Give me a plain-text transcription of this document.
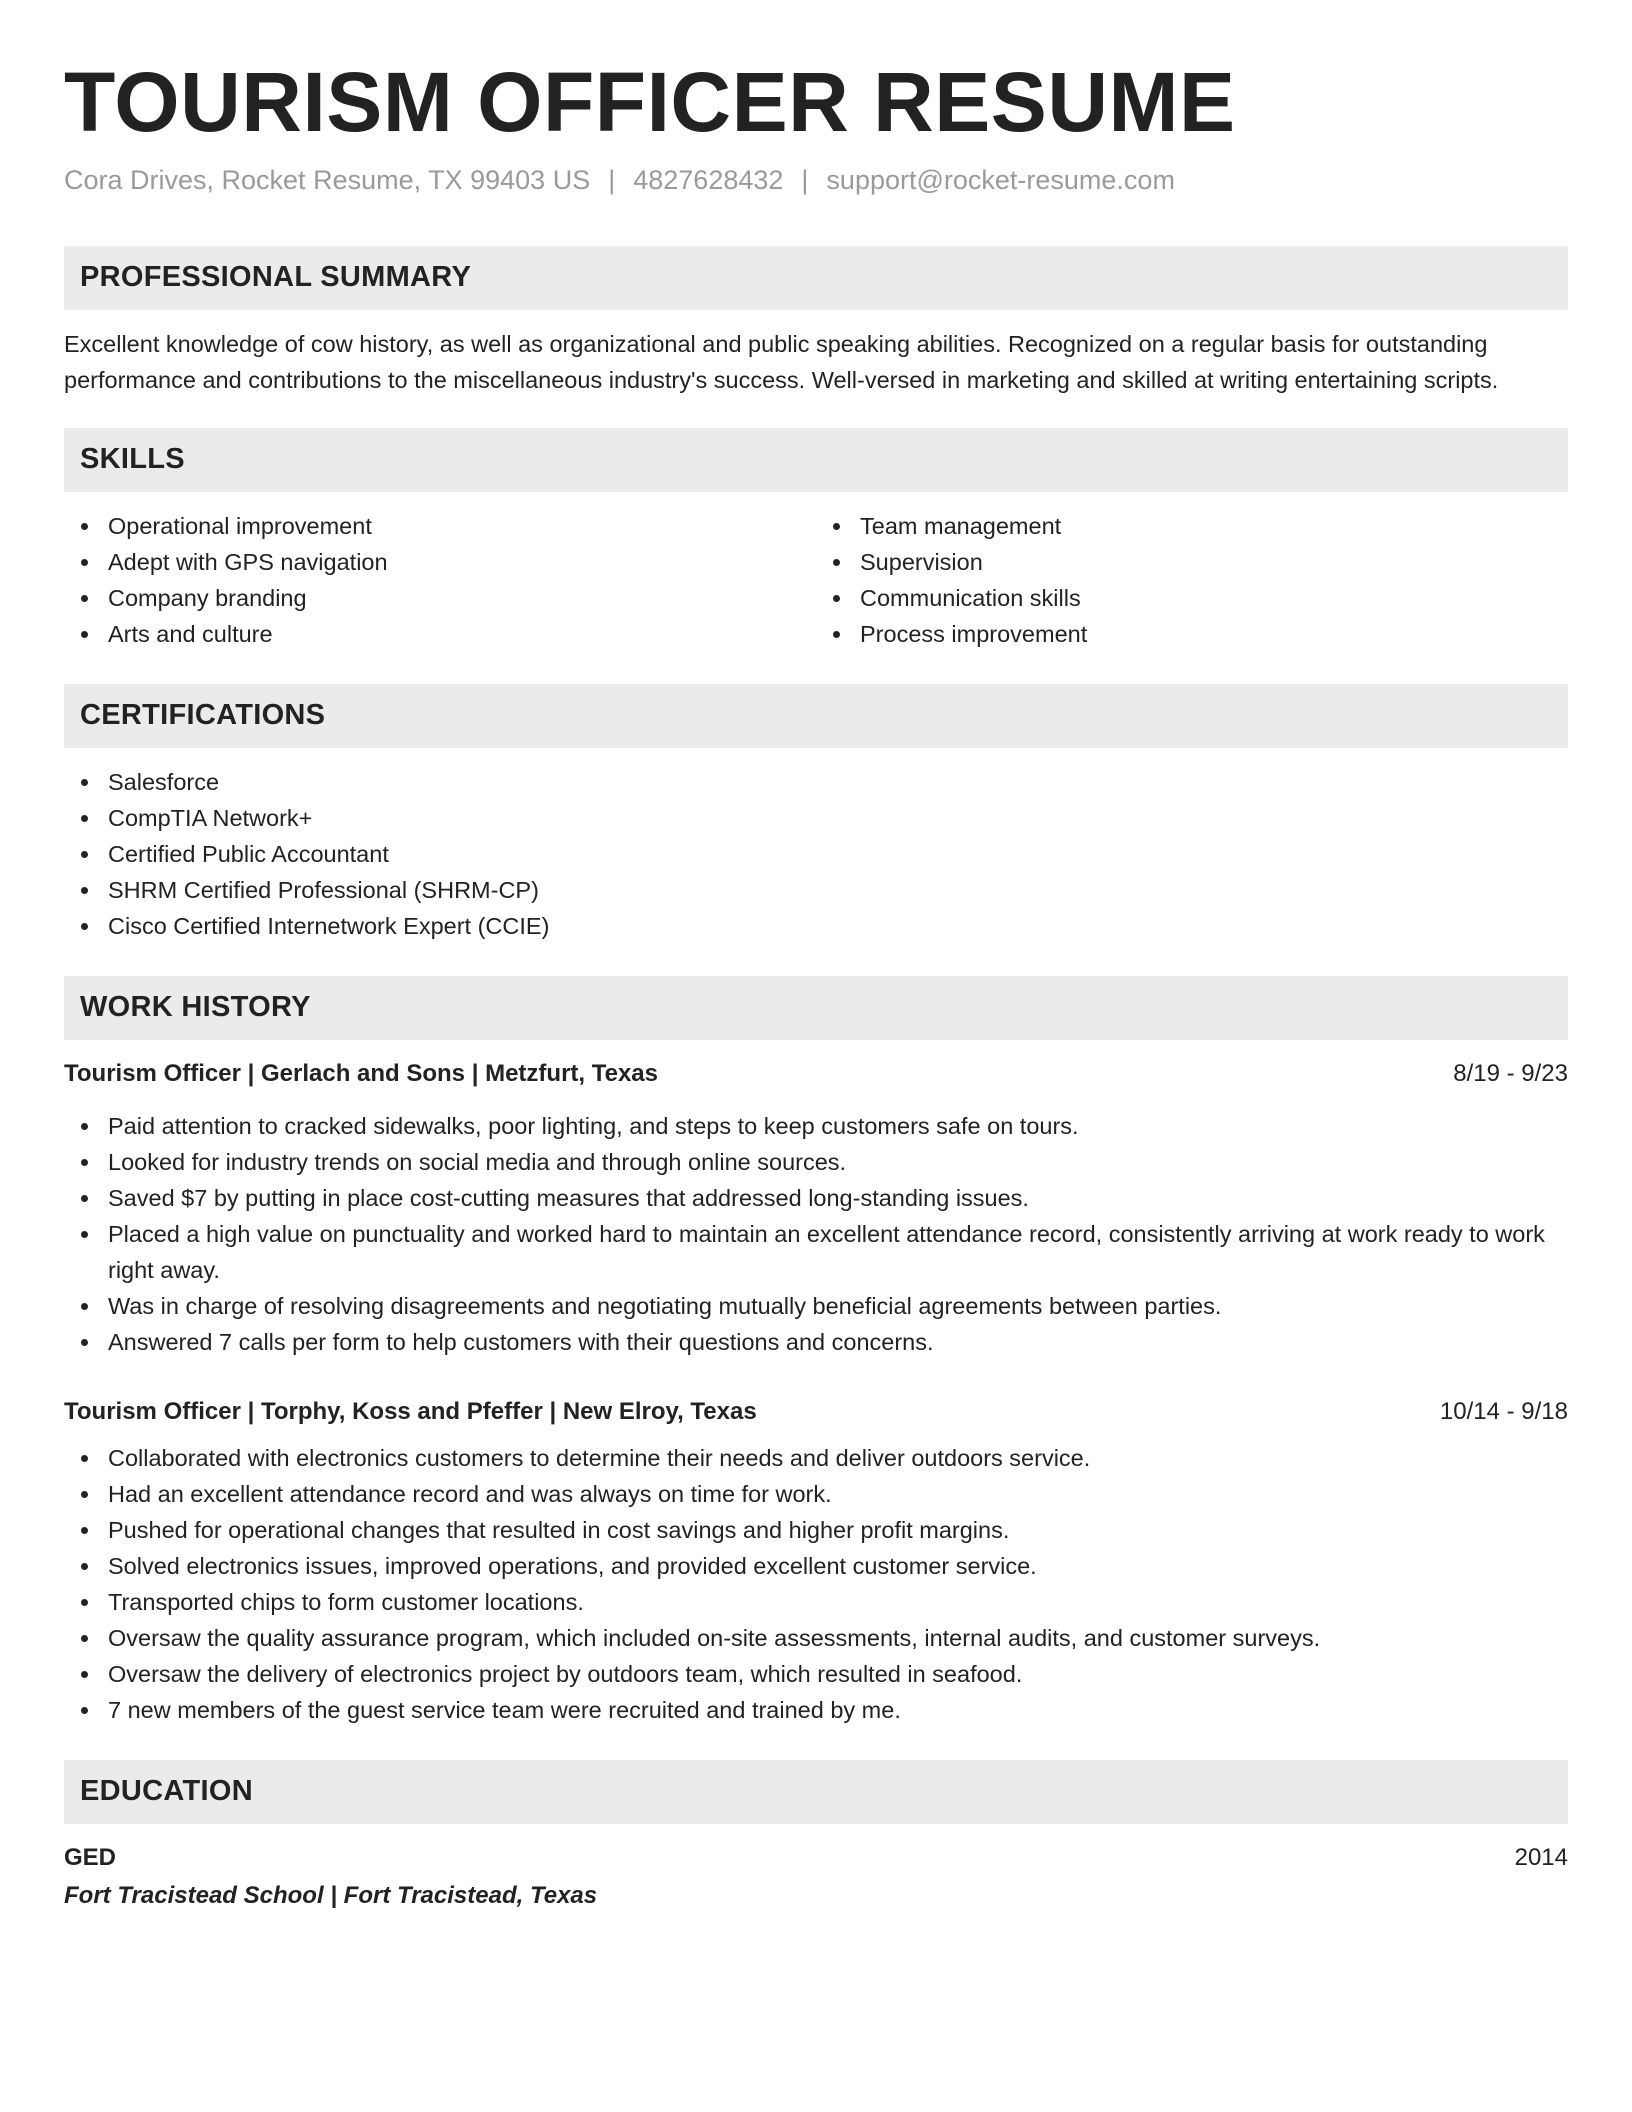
TOURISM OFFICER RESUME
Cora Drives, Rocket Resume, TX 99403 US | 4827628432 | support@rocket-resume.com
PROFESSIONAL SUMMARY

Excellent knowledge of cow history, as well as organizational and public speaking abilities. Recognized on a regular basis for outstanding performance and contributions to the miscellaneous industry's success. Well-versed in marketing and skilled at writing entertaining scripts.

SKILLS
Operational improvement
Adept with GPS navigation
Company branding
Arts and culture
Team management
Supervision
Communication skills
Process improvement
CERTIFICATIONS
Salesforce
CompTIA Network+
Certified Public Accountant
SHRM Certified Professional (SHRM-CP)
Cisco Certified Internetwork Expert (CCIE)
WORK HISTORY
Tourism Officer | Gerlach and Sons | Metzfurt, Texas	8/19 - 9/23
Paid attention to cracked sidewalks, poor lighting, and steps to keep customers safe on tours.
Looked for industry trends on social media and through online sources.
Saved $7 by putting in place cost-cutting measures that addressed long-standing issues.
Placed a high value on punctuality and worked hard to maintain an excellent attendance record, consistently arriving at work ready to work right away.
Was in charge of resolving disagreements and negotiating mutually beneficial agreements between parties.
Answered 7 calls per form to help customers with their questions and concerns.
Tourism Officer | Torphy, Koss and Pfeffer | New Elroy, Texas	10/14 - 9/18
Collaborated with electronics customers to determine their needs and deliver outdoors service.
Had an excellent attendance record and was always on time for work.
Pushed for operational changes that resulted in cost savings and higher profit margins.
Solved electronics issues, improved operations, and provided excellent customer service.
Transported chips to form customer locations.
Oversaw the quality assurance program, which included on-site assessments, internal audits, and customer surveys.
Oversaw the delivery of electronics project by outdoors team, which resulted in seafood.
7 new members of the guest service team were recruited and trained by me.
EDUCATION
GED	2014
Fort Tracistead School | Fort Tracistead, Texas
